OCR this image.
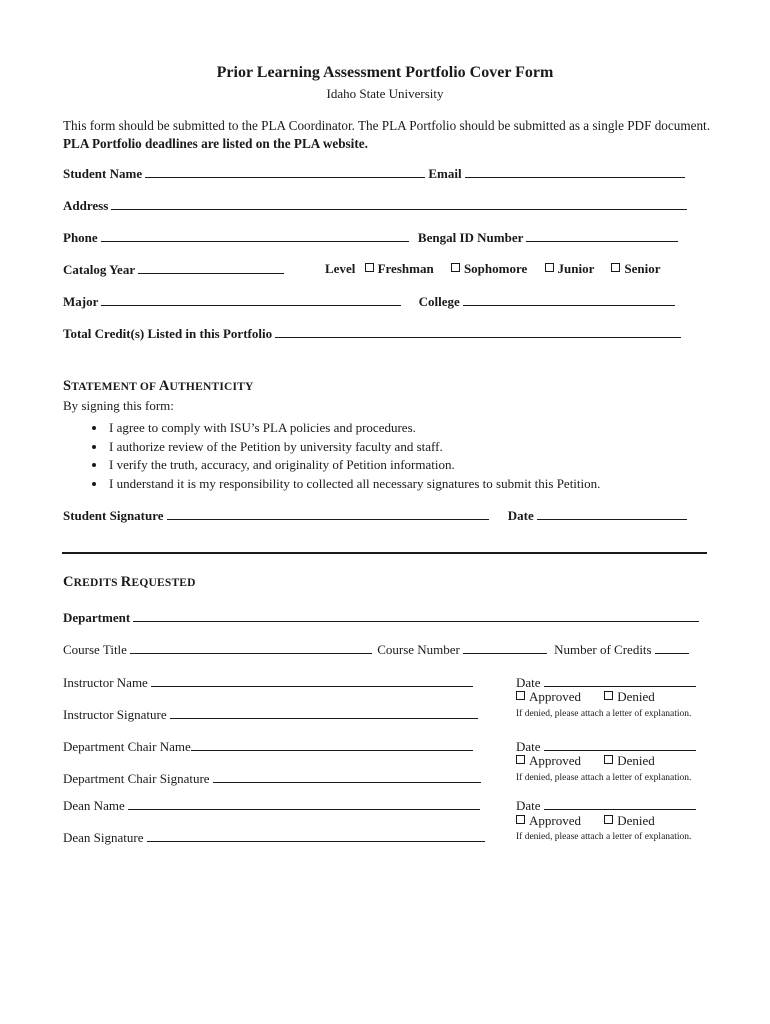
Prior Learning Assessment Portfolio Cover Form
Idaho State University
This form should be submitted to the PLA Coordinator. The PLA Portfolio should be submitted as a single PDF document. PLA Portfolio deadlines are listed on the PLA website.
Student Name	Email
Address
Phone	Bengal ID Number
Catalog Year	Level Freshman Sophomore Junior Senior
Major	College
Total Credit(s) Listed in this Portfolio
STATEMENT OF AUTHENTICITY
By signing this form:
• I agree to comply with ISU’s PLA policies and procedures.
• I authorize review of the Petition by university faculty and staff.
• I verify the truth, accuracy, and originality of Petition information.
• I understand it is my responsibility to collected all necessary signatures to submit this Petition.
Student Signature	Date
CREDITS REQUESTED
Department
Course Title	Course Number	Number of Credits
Instructor Name
Instructor Signature
Date
Approved	Denied
If denied, please attach a letter of explanation.
Department Chair Name
Department Chair Signature
Date
Approved	Denied
If denied, please attach a letter of explanation.
Dean Name
Dean Signature
Date
Approved	Denied
If denied, please attach a letter of explanation.
